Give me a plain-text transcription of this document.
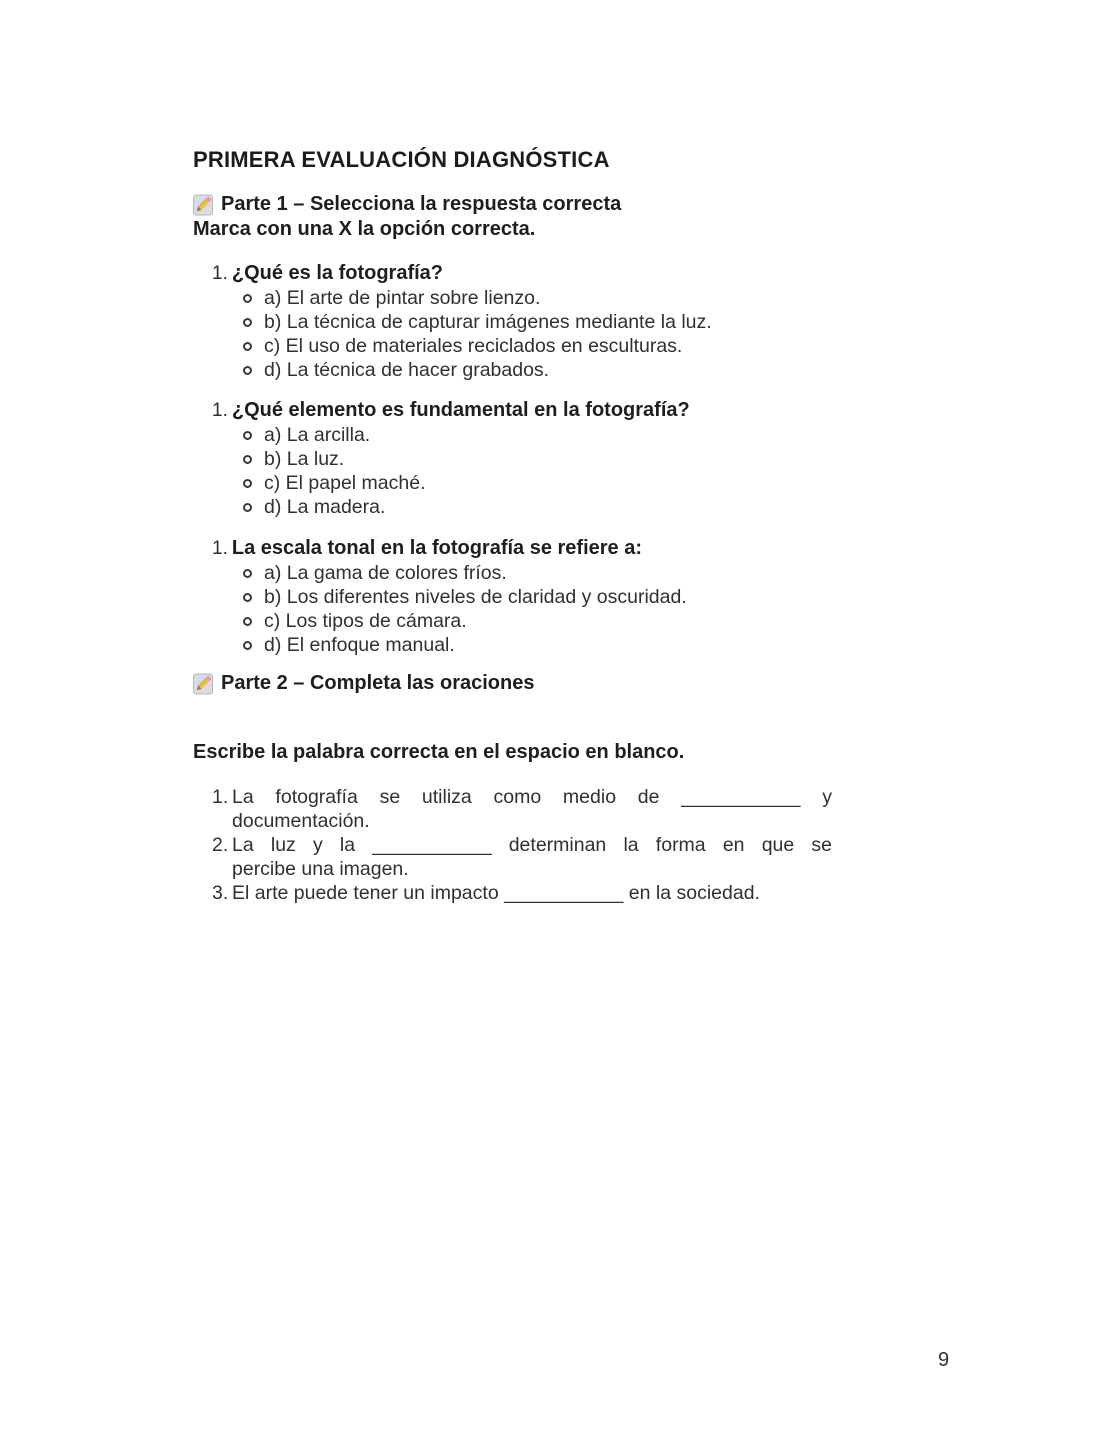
PRIMERA EVALUACIÓN DIAGNÓSTICA
Parte 1 – Selecciona la respuesta correcta
Marca con una X la opción correcta.
1. ¿Qué es la fotografía?
a) El arte de pintar sobre lienzo.
b) La técnica de capturar imágenes mediante la luz.
c) El uso de materiales reciclados en esculturas.
d) La técnica de hacer grabados.
1. ¿Qué elemento es fundamental en la fotografía?
a) La arcilla.
b) La luz.
c) El papel maché.
d) La madera.
1. La escala tonal en la fotografía se refiere a:
a) La gama de colores fríos.
b) Los diferentes niveles de claridad y oscuridad.
c) Los tipos de cámara.
d) El enfoque manual.
Parte 2 – Completa las oraciones
Escribe la palabra correcta en el espacio en blanco.
1. La fotografía se utiliza como medio de ___________ y
documentación.
2. La luz y la ___________ determinan la forma en que se
percibe una imagen.
3. El arte puede tener un impacto ___________ en la sociedad.
9
